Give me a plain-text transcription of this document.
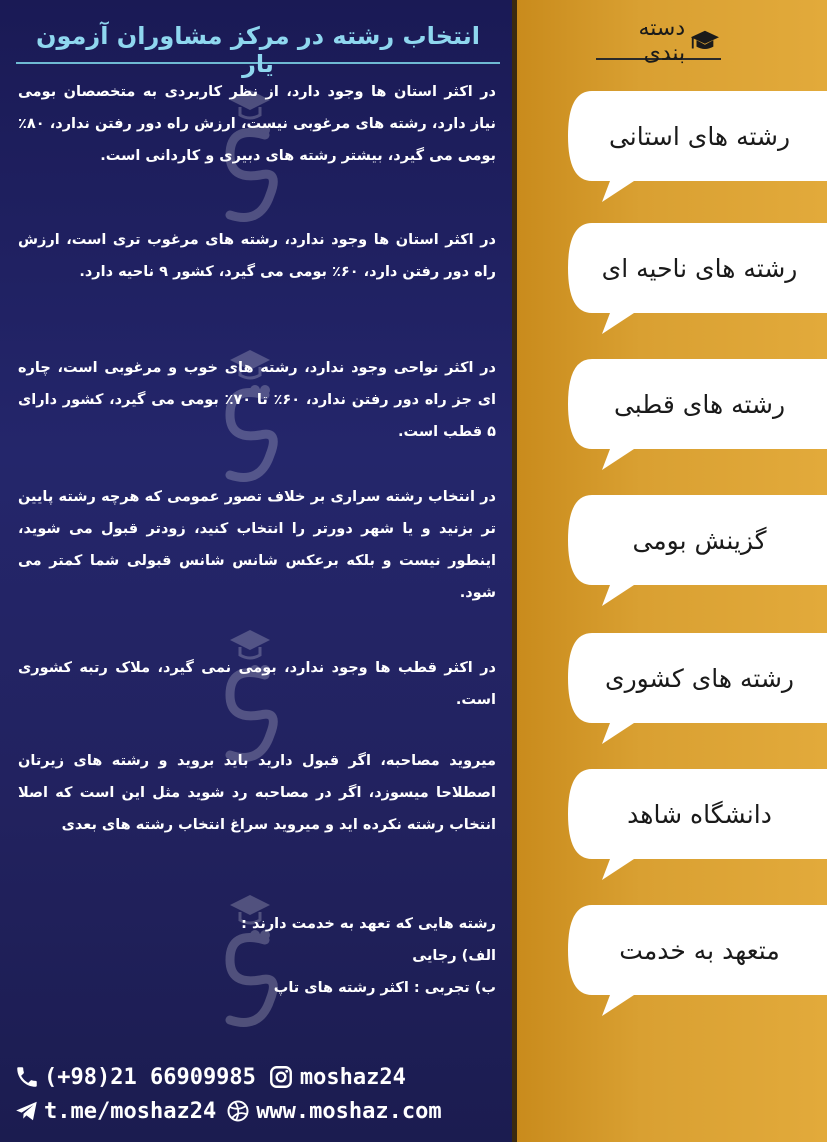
انتخاب رشته در مرکز مشاوران آزمون یار
در اکثر استان ها وجود دارد، از نظر کاربردی به متخصصان بومی نیاز دارد، رشته های مرغوبی نیست، ارزش راه دور رفتن ندارد، ۸۰٪ بومی می گیرد، بیشتر رشته های دبیری و کاردانی است.
در اکثر استان ها وجود ندارد، رشته های مرغوب تری است، ارزش راه دور رفتن دارد، ۶۰٪ بومی می گیرد، کشور ۹ ناحیه دارد.
در اکثر نواحی وجود ندارد، رشته های خوب و مرغوبی است، چاره ای جز راه دور رفتن ندارد، ۶۰٪ تا ۷۰٪ بومی می گیرد، کشور دارای ۵ قطب است.
در انتخاب رشته سراری بر خلاف تصور عمومی که هرچه رشته پایین تر بزنید و یا شهر دورتر را انتخاب کنید، زودتر قبول می شوید، اینطور نیست و بلکه برعکس شانس شانس قبولی شما کمتر می شود.
در اکثر قطب ها وجود ندارد، بومی نمی گیرد، ملاک رتبه کشوری است.
میروید مصاحبه، اگر قبول دارید باید بروید و رشته های زیرتان اصطلاحا میسوزد، اگر در مصاحبه رد شوید مثل این است که اصلا انتخاب رشته نکرده اید و میروید سراغ انتخاب رشته های بعدی
رشته هایی که تعهد به خدمت دارند :
الف) رجایی
ب) تجربی : اکثر رشته های تاپ
دسته بندی
رشته های استانی
رشته های ناحیه ای
رشته های قطبی
گزینش بومی
رشته های کشوری
دانشگاه شاهد
متعهد به خدمت
(+98)21 66909985 moshaz24
t.me/moshaz24 www.moshaz.com
